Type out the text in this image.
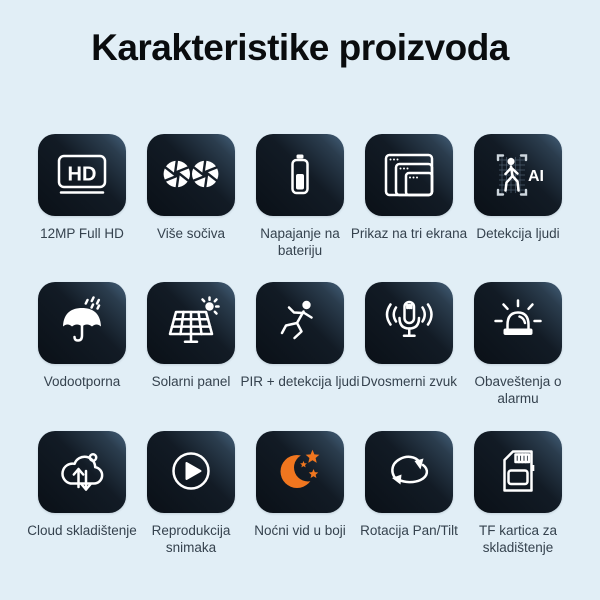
Karakteristike proizvoda
HD
12MP Full HD	Više sočiva	Napajanje na bateriju
Prikaz na tri ekrana
AI
Detekcija ljudi
Vodootporna	Solarni panel PIR + detekcija ljudi Dvosmerni zvuk	Obaveštenja o alarmu
Cloud skladištenje	Reprodukcija snimaka
Noćni vid u boji	Rotacija Pan/Tilt	TF kartica za skladištenje
